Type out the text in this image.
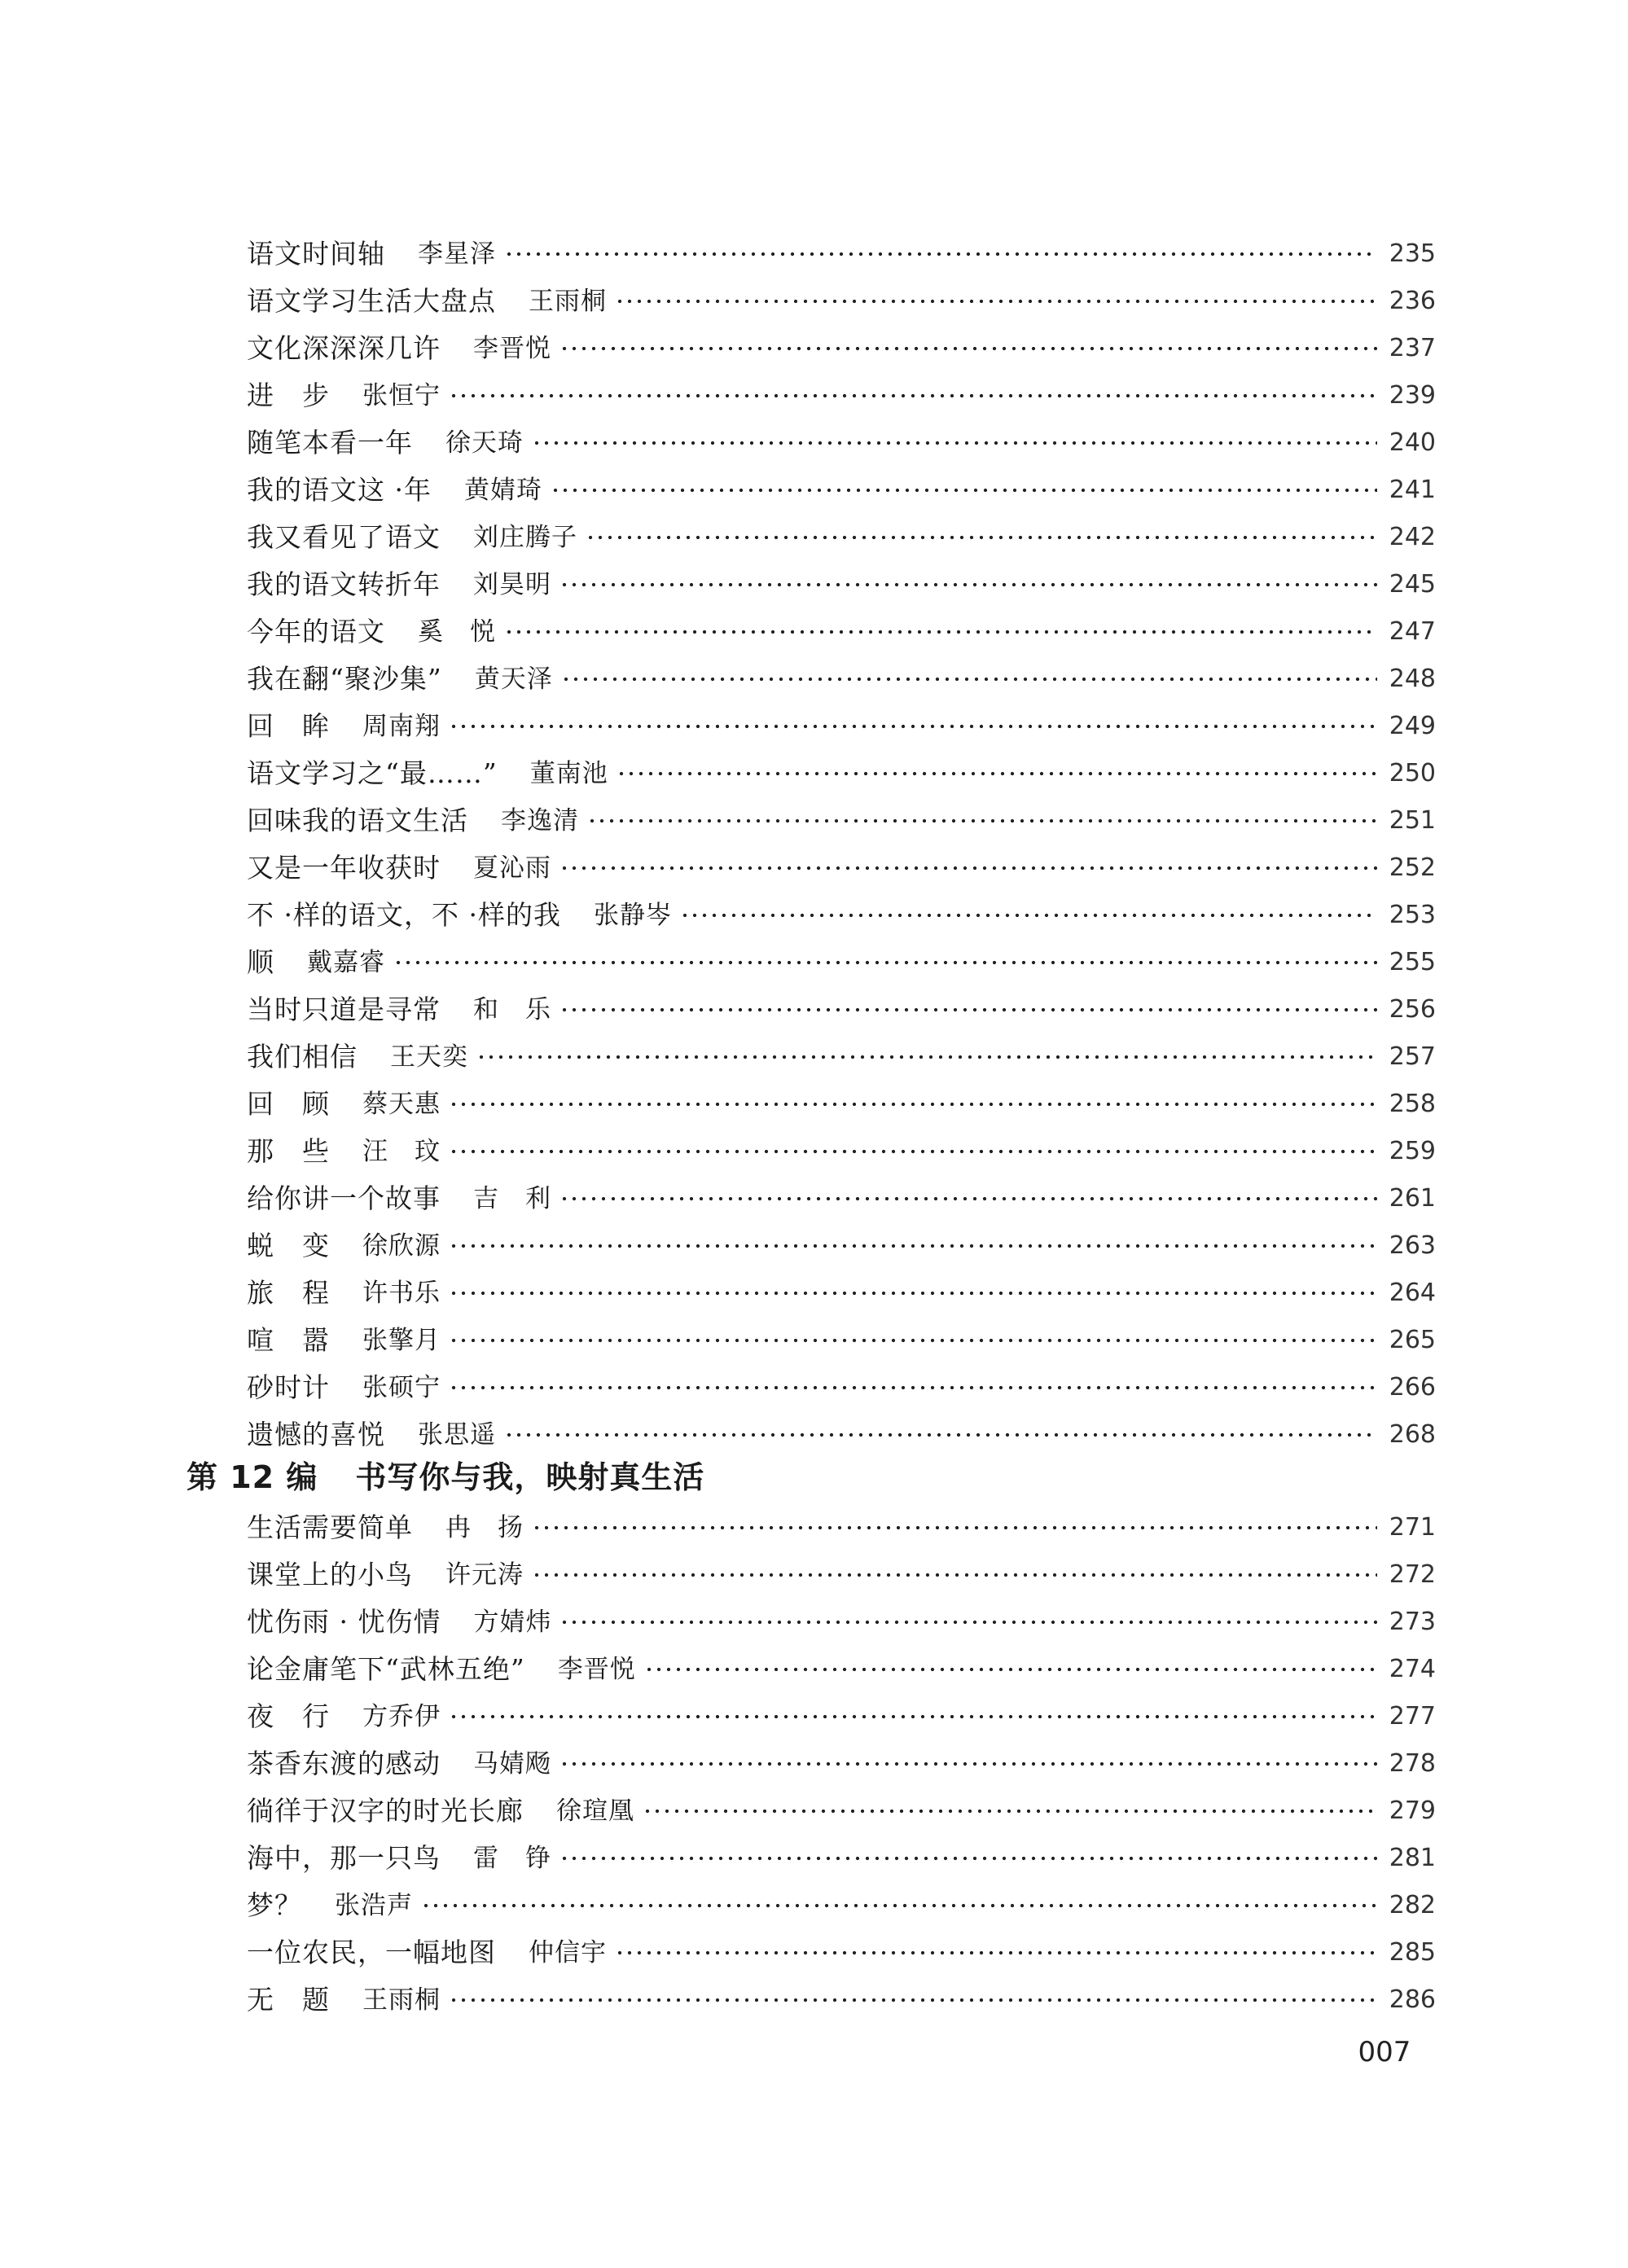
语文时间轴 李星泽	235
语文学习生活大盘点 王雨桐	236
文化深深深几许 李晋悦	237
进　步 张恒宁	239
随笔本看一年 徐天琦	240
我的语文这 ·年 黄婧琦	241
我又看见了语文 刘庄腾子	242
我的语文转折年 刘昊明	245
今年的语文 奚　悦	247
我在翻“聚沙集” 黄天泽	248
回　眸 周南翔	249
语文学习之“最……” 董南池	250
回味我的语文生活 李逸清	251
又是一年收获时 夏沁雨	252
不 ·样的语文，不 ·样的我 张静岑	253
顺 戴嘉睿	255
当时只道是寻常 和　乐	256
我们相信 王天奕	257
回　顾 蔡天惠	258
那　些 汪　玟	259
给你讲一个故事 吉　利	261
蜕　变 徐欣源	263
旅　程 许书乐	264
喧　嚣 张擎月	265
砂时计 张硕宁	266
遗憾的喜悦 张思遥	268
第 12 编 书写你与我，映射真生活
生活需要简单 冉　扬	271
课堂上的小鸟 许元涛	272
忧伤雨 · 忧伤情 方婧炜	273
论金庸笔下“武林五绝” 李晋悦	274
夜　行 方乔伊	277
茶香东渡的感动 马婧飏	278
徜徉于汉字的时光长廊 徐瑄凰	279
海中，那一只鸟 雷　铮	281
梦？ 张浩声	282
一位农民，一幅地图 仲信宇	285
无　题 王雨桐	286
007
